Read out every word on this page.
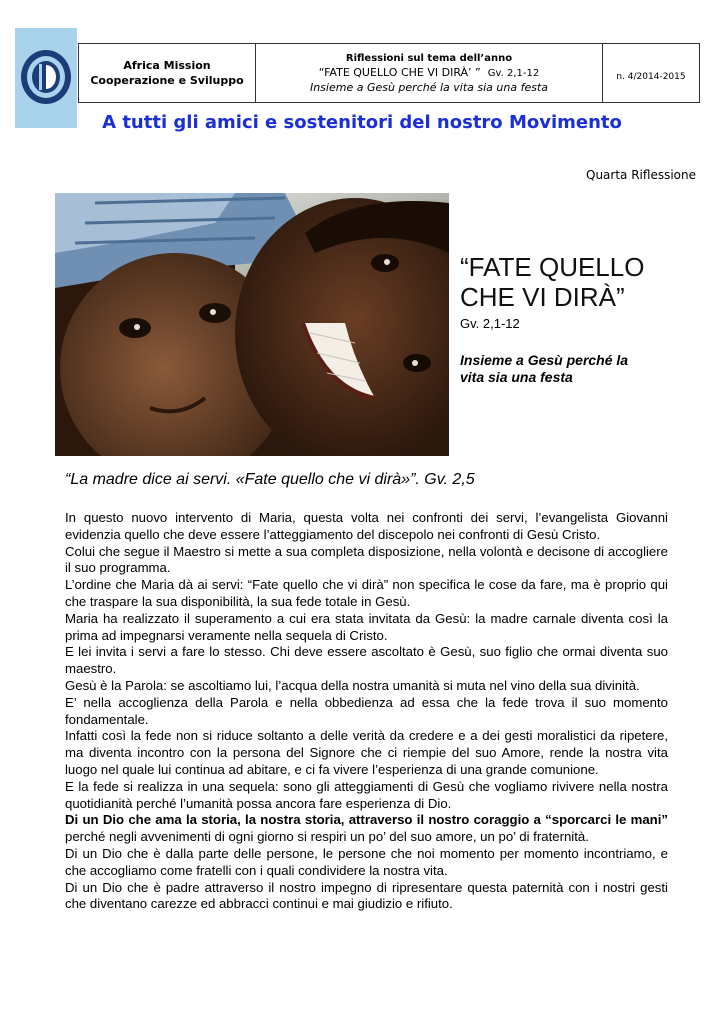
Africa Mission
Cooperazione e Sviluppo
Riflessioni sul tema dell’anno
“FATE QUELLO CHE VI DIRÀ’ ” Gv. 2,1-12
Insieme a Gesù perché la vita sia una festa
n. 4/2014-2015
A tutti gli amici e sostenitori del nostro Movimento
Quarta Riflessione
“FATE QUELLO
CHE VI DIRÀ”
Gv. 2,1-12
Insieme a Gesù perché la
vita sia una festa
“La madre dice ai servi. «Fate quello che vi dirà»”. Gv. 2,5

In questo nuovo intervento di Maria, questa volta nei confronti dei servi, l’evangelista Giovanni evidenzia quello che deve essere l’atteggiamento del discepolo nei confronti di Gesù Cristo.

Colui che segue il Maestro si mette a sua completa disposizione, nella volontà e decisone di accogliere il suo programma.

L’ordine che Maria dà ai servi: “Fate quello che vi dirà” non specifica le cose da fare, ma è proprio qui che traspare la sua disponibilità, la sua fede totale in Gesù.

Maria ha realizzato il superamento a cui era stata invitata da Gesù: la madre carnale diventa così la prima ad impegnarsi veramente nella sequela di Cristo.

E lei invita i servi a fare lo stesso. Chi deve essere ascoltato è Gesù, suo figlio che ormai diventa suo maestro.

Gesù è la Parola: se ascoltiamo lui, l’acqua della nostra umanità si muta nel vino della sua divinità.

E’ nella accoglienza della Parola e nella obbedienza ad essa che la fede trova il suo momento fondamentale.

Infatti così la fede non si riduce soltanto a delle verità da credere e a dei gesti moralistici da ripetere, ma diventa incontro con la persona del Signore che ci riempie del suo Amore, rende la nostra vita luogo nel quale lui continua ad abitare, e ci fa vivere l’esperienza di una grande comunione.

E la fede si realizza in una sequela: sono gli atteggiamenti di Gesù che vogliamo rivivere nella nostra quotidianità perché l’umanità possa ancora fare esperienza di Dio.

Di un Dio che ama la storia, la nostra storia, attraverso il nostro coraggio a “sporcarci le mani” perché negli avvenimenti di ogni giorno si respiri un po’ del suo amore, un po’ di fraternità.

Di un Dio che è dalla parte delle persone, le persone che noi momento per momento incontriamo, e che accogliamo come fratelli con i quali condividere la nostra vita.

Di un Dio che è padre attraverso il nostro impegno di ripresentare questa paternità con i nostri gesti che diventano carezze ed abbracci continui e mai giudizio e rifiuto.
